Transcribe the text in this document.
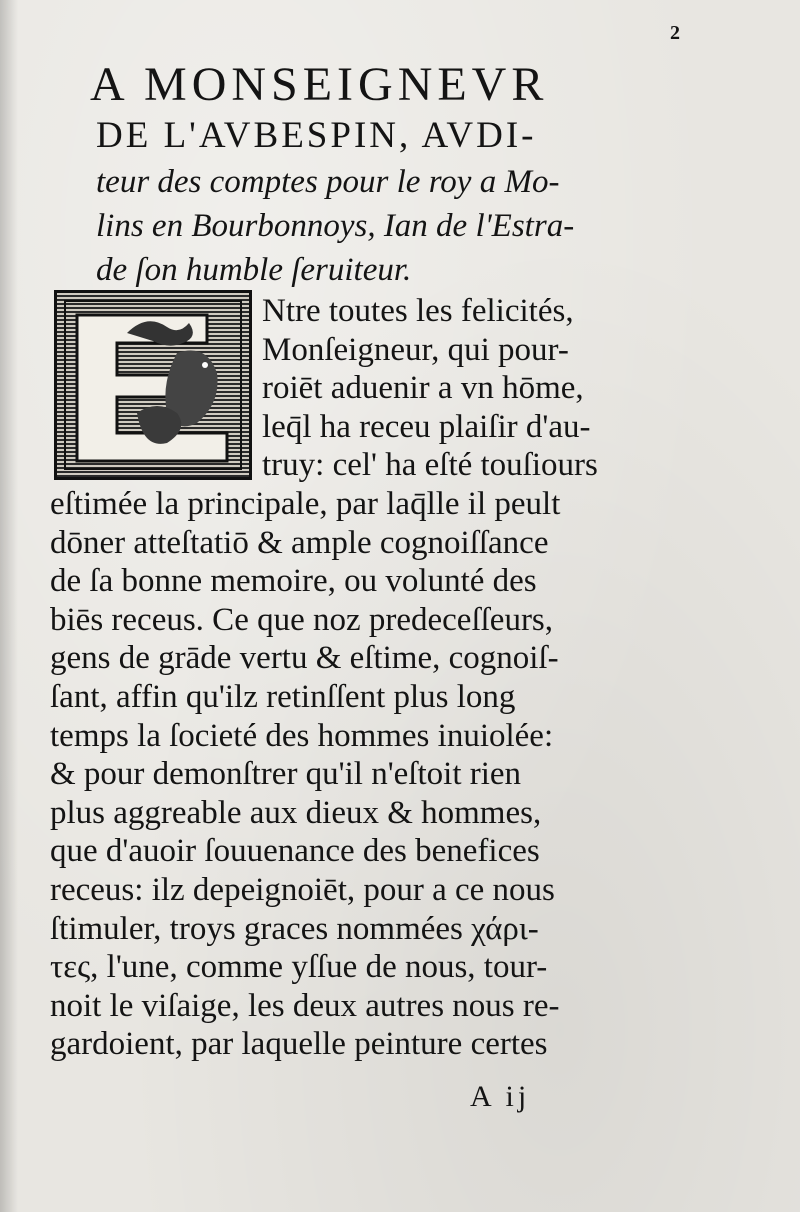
2
A MONSEIGNEVR
DE L'AVBESPIN, AVDI-
teur des comptes pour le roy a Mo-
lins en Bourbonnoys, Ian de l'Estra-
de ſon humble ſeruiteur.
Ntre toutes les felicités,
Monſeigneur, qui pour-
roiēt aduenir a vn hōme,
leq̄l ha receu plaiſir d'au-
truy: cel' ha eſté touſiours
eſtimée la principale, par laq̄lle il peult
dōner atteſtatiō & ample cognoiſſance
de ſa bonne memoire, ou volunté des
biēs receus. Ce que noz predeceſſeurs,
gens de grāde vertu & eſtime, cognoiſ-
ſant, affin qu'ilz retinſſent plus long
temps la ſocieté des hommes inuiolée:
& pour demonſtrer qu'il n'eſtoit rien
plus aggreable aux dieux & hommes,
que d'auoir ſouuenance des benefices
receus: ilz depeignoiēt, pour a ce nous
ſtimuler, troys graces nommées χάρι-
τες, l'une, comme yſſue de nous, tour-
noit le viſaige, les deux autres nous re-
gardoient, par laquelle peinture certes
A ij
